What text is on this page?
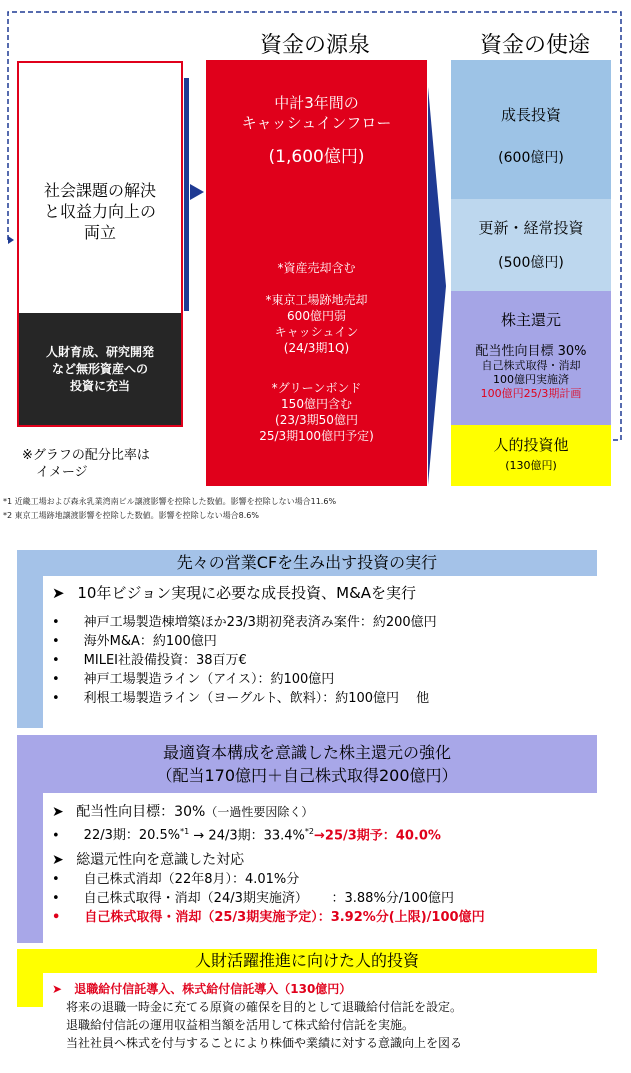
資金の源泉	資金の使途
社会課題の解決
と収益力向上の
両立
人財育成、研究開発
など無形資産への
投資に充当
※グラフの配分比率は
イメージ
中計3年間の
キャッシュインフロー
(1,600億円)
*資産売却含む
*東京工場跡地売却
600億円弱
キャッシュイン
(24/3期1Q)
*グリーンボンド
150億円含む
(23/3期50億円
25/3期100億円予定)
成長投資
(600億円)
更新・経常投資
(500億円)
株主還元
配当性向目標 30%
自己株式取得・消却
100億円実施済
100億円25/3期計画
人的投資他
(130億円)
*1 近畿工場および森永乳業湾南ビル譲渡影響を控除した数値。影響を控除しない場合11.6%
*2 東京工場跡地譲渡影響を控除した数値。影響を控除しない場合8.6%
先々の営業CFを生み出す投資の実行
➤ 10年ビジョン実現に必要な成長投資、M&Aを実行
• 神戸工場製造棟増築ほか23/3期初発表済み案件：約200億円
• 海外M&A：約100億円
• MILEI社設備投資：38百万€
• 神戸工場製造ライン（アイス）：約100億円
• 利根工場製造ライン（ヨーグルト、飲料）：約100億円　 他
最適資本構成を意識した株主還元の強化
（配当170億円＋自己株式取得200億円）
➤ 配当性向目標：30%（一過性要因除く）
• 22/3期：20.5%$^{*1}$ → 24/3期：33.4%$^{*2}$→25/3期予：40.0%
➤ 総還元性向を意識した対応
• 自己株式消却（22年8月）：4.01%分
• 自己株式取得・消却（24/3期実施済）　 　：3.88%分/100億円
• 自己株式取得・消却（25/3期実施予定）：3.92%分(上限)/100億円
人財活躍推進に向けた人的投資
➤ 退職給付信託導入、株式給付信託導入（130億円）
将来の退職一時金に充てる原資の確保を目的として退職給付信託を設定。
退職給付信託の運用収益相当額を活用して株式給付信託を実施。
当社社員へ株式を付与することにより株価や業績に対する意識向上を図る
